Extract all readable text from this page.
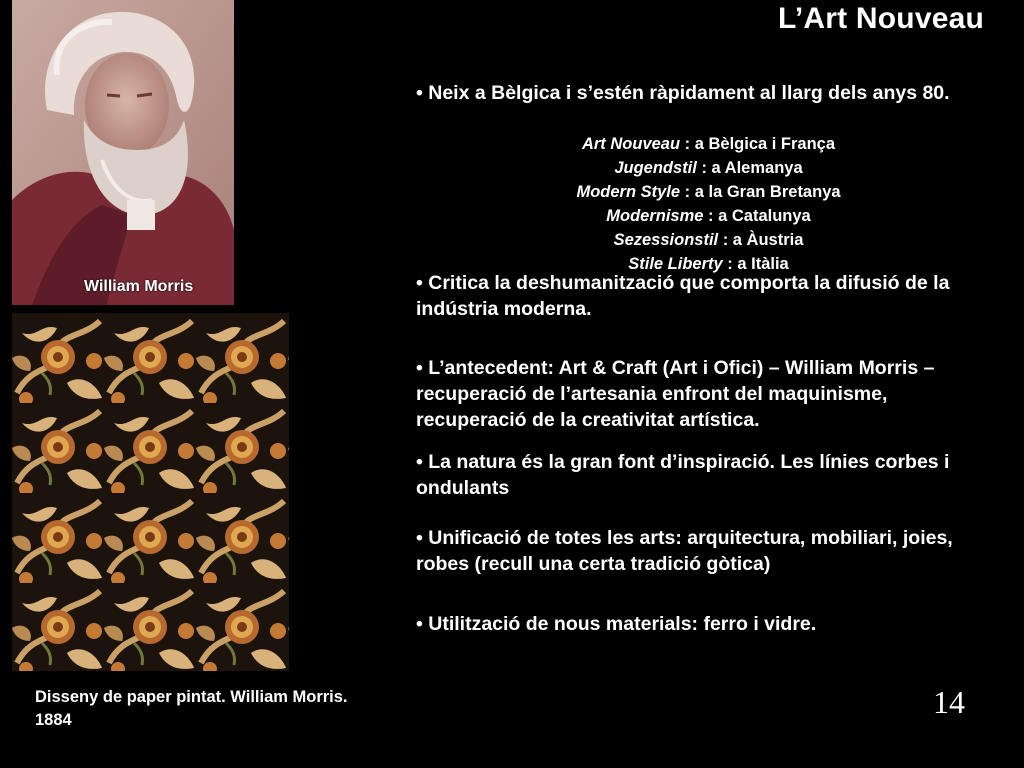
L’Art Nouveau
William Morris
Disseny de paper pintat. William Morris. 1884
• Neix a Bèlgica i s’estén ràpidament al llarg dels anys 80.
Art Nouveau : a Bèlgica i França
Jugendstil : a Alemanya
Modern Style : a la Gran Bretanya
Modernisme : a Catalunya
Sezessionstil : a Àustria
Stile Liberty : a Itàlia
• Critica la deshumanització que comporta la difusió de la indústria moderna.
• L’antecedent: Art & Craft (Art i Ofici) – William Morris – recuperació de l’artesania enfront del maquinisme, recuperació de la creativitat artística.
• La natura és la gran font d’inspiració. Les línies corbes i ondulants
• Unificació de totes les arts: arquitectura, mobiliari, joies, robes (recull una certa tradició gòtica)
• Utilització de nous materials: ferro i vidre.
14
